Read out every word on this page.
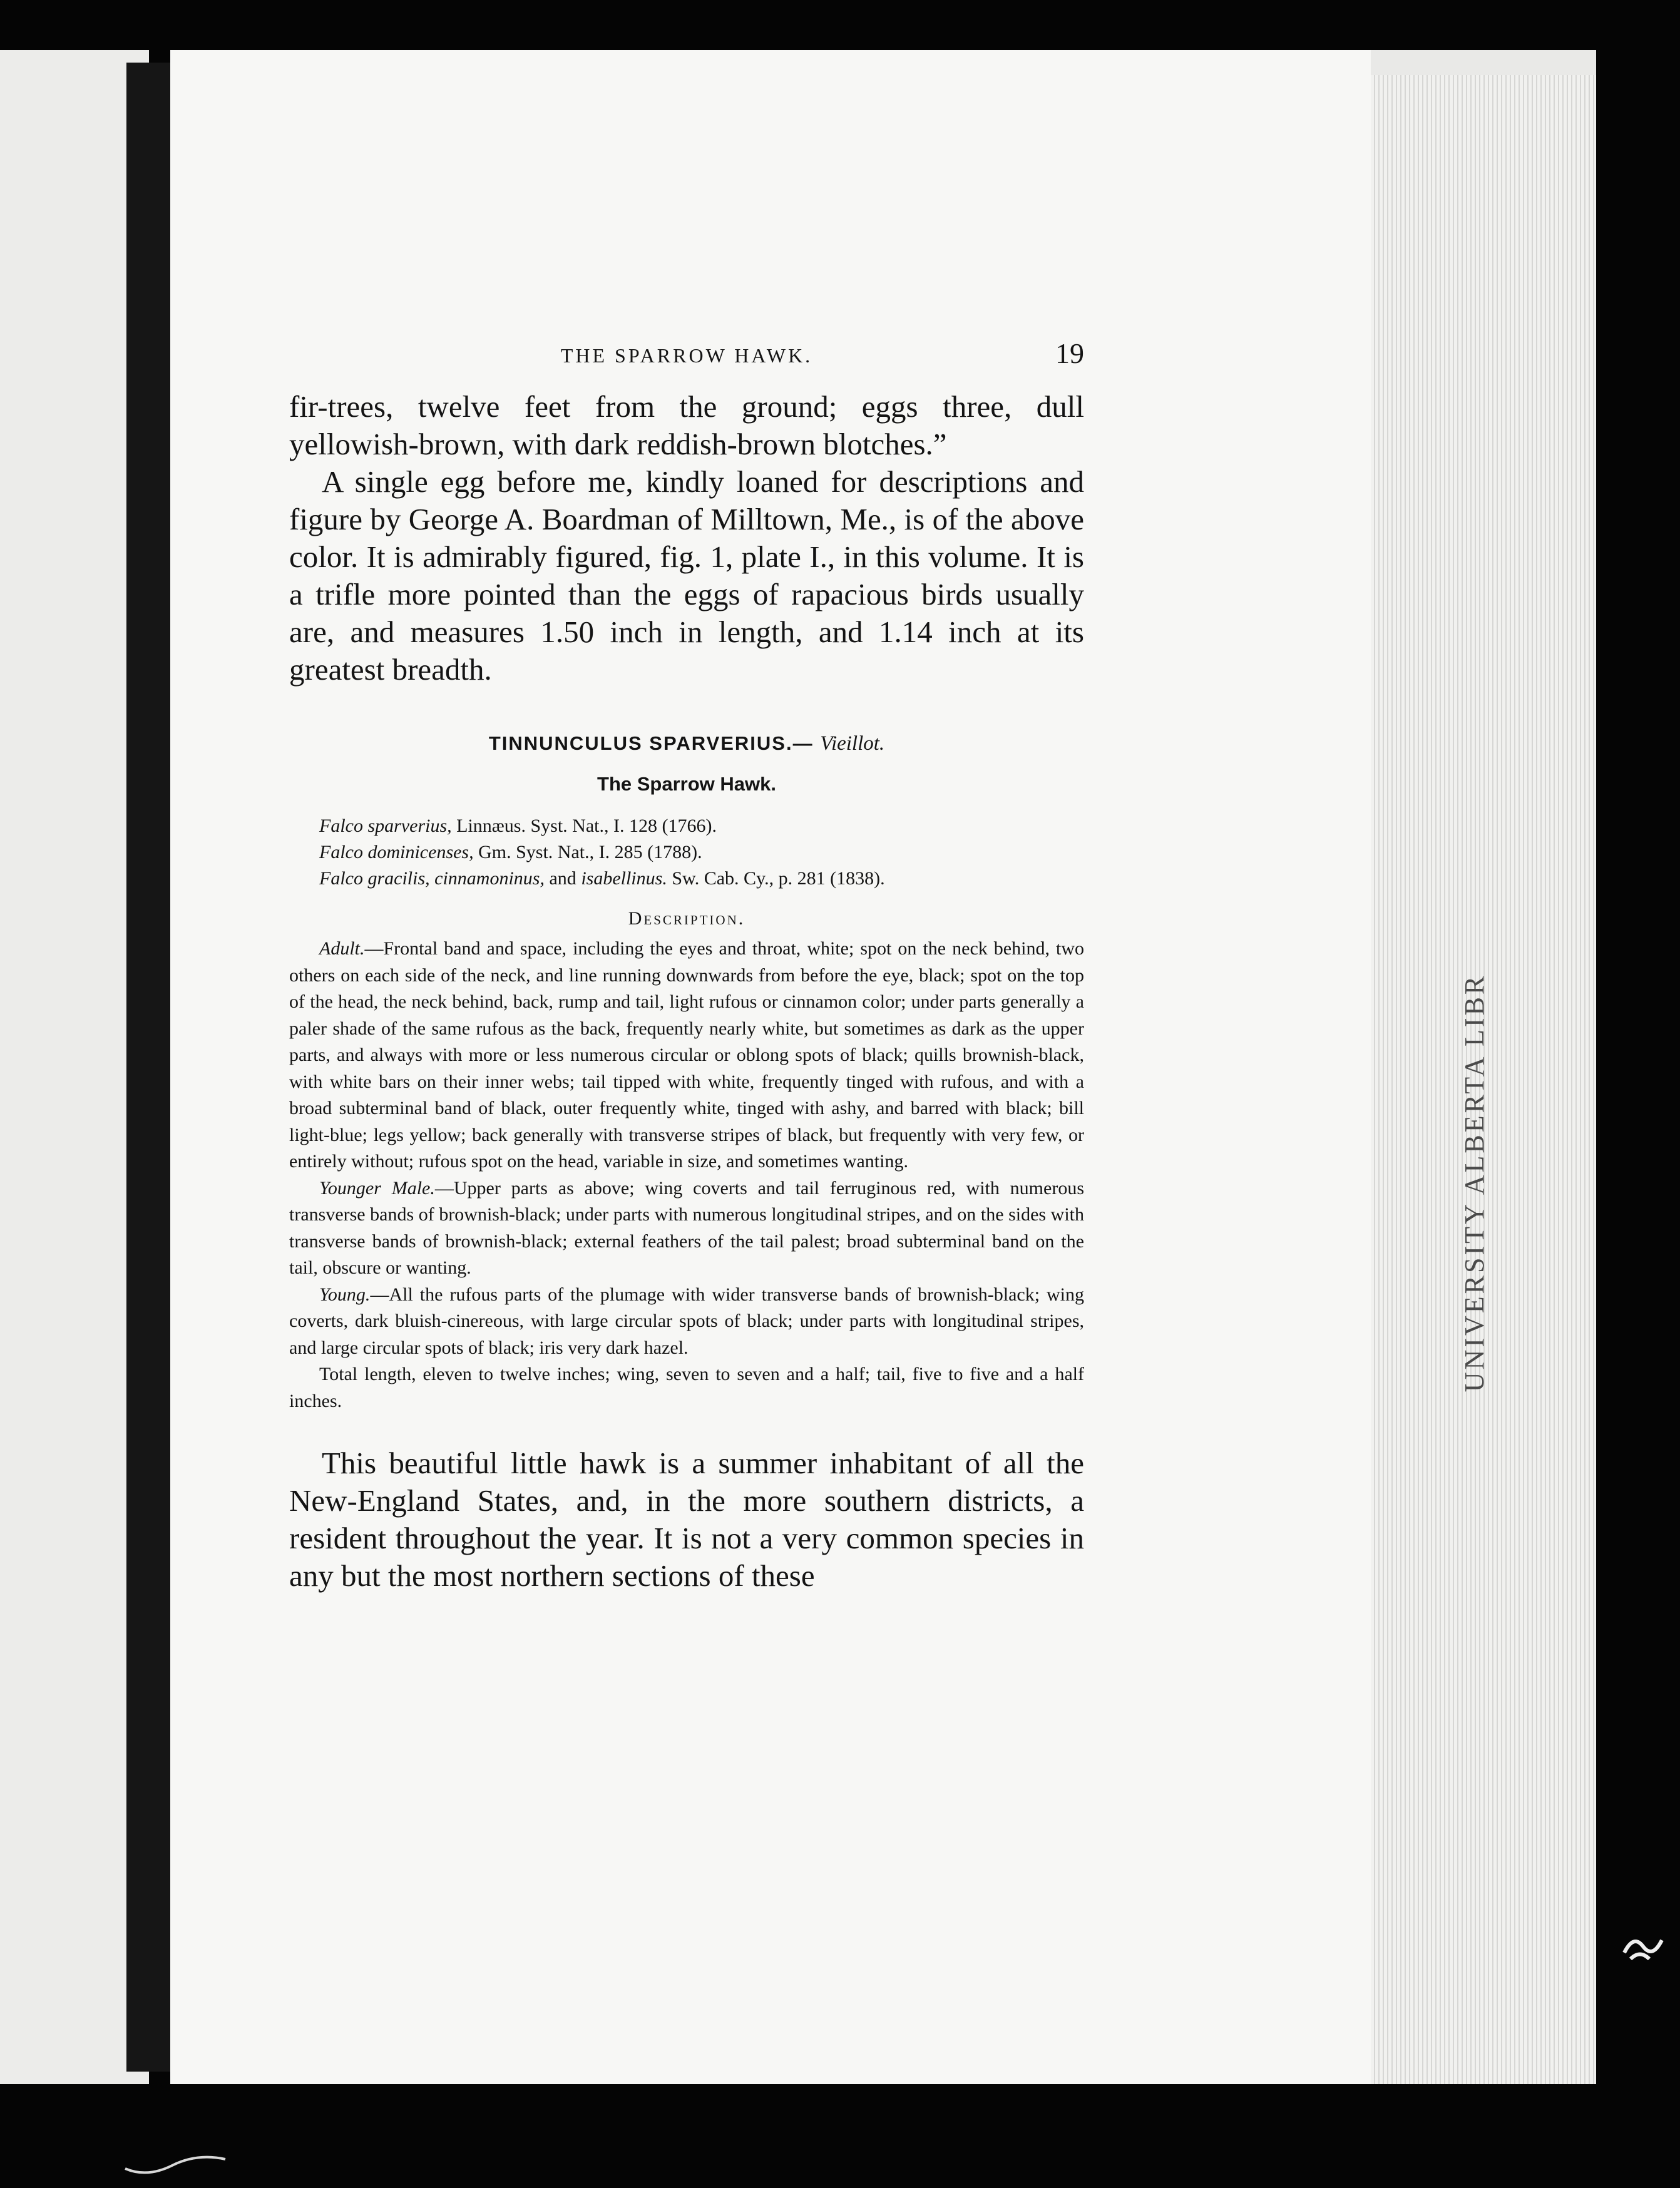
UNIVERSITY ALBERTA LIBR
THE SPARROW HAWK.	19

fir-trees, twelve feet from the ground; eggs three, dull yellowish-brown, with dark reddish-brown blotches.”

A single egg before me, kindly loaned for descriptions and figure by George A. Boardman of Milltown, Me., is of the above color. It is admirably figured, fig. 1, plate I., in this volume. It is a trifle more pointed than the eggs of rapacious birds usually are, and measures 1.50 inch in length, and 1.14 inch at its greatest breadth.

TINNUNCULUS SPARVERIUS.— Vieillot.
The Sparrow Hawk.
Falco sparverius, Linnæus. Syst. Nat., I. 128 (1766).
Falco dominicenses, Gm. Syst. Nat., I. 285 (1788).
Falco gracilis, cinnamoninus, and isabellinus. Sw. Cab. Cy., p. 281 (1838).
Description.

Adult.—Frontal band and space, including the eyes and throat, white; spot on the neck behind, two others on each side of the neck, and line running downwards from before the eye, black; spot on the top of the head, the neck behind, back, rump and tail, light rufous or cinnamon color; under parts generally a paler shade of the same rufous as the back, frequently nearly white, but sometimes as dark as the upper parts, and always with more or less numerous circular or oblong spots of black; quills brownish-black, with white bars on their inner webs; tail tipped with white, frequently tinged with rufous, and with a broad subterminal band of black, outer frequently white, tinged with ashy, and barred with black; bill light-blue; legs yellow; back generally with transverse stripes of black, but frequently with very few, or entirely without; rufous spot on the head, variable in size, and sometimes wanting.

Younger Male.—Upper parts as above; wing coverts and tail ferruginous red, with numerous transverse bands of brownish-black; under parts with numerous longitudinal stripes, and on the sides with transverse bands of brownish-black; external feathers of the tail palest; broad subterminal band on the tail, obscure or wanting.

Young.—All the rufous parts of the plumage with wider transverse bands of brownish-black; wing coverts, dark bluish-cinereous, with large circular spots of black; under parts with longitudinal stripes, and large circular spots of black; iris very dark hazel.

Total length, eleven to twelve inches; wing, seven to seven and a half; tail, five to five and a half inches.

This beautiful little hawk is a summer inhabitant of all the New-England States, and, in the more southern districts, a resident throughout the year. It is not a very common species in any but the most northern sections of these
